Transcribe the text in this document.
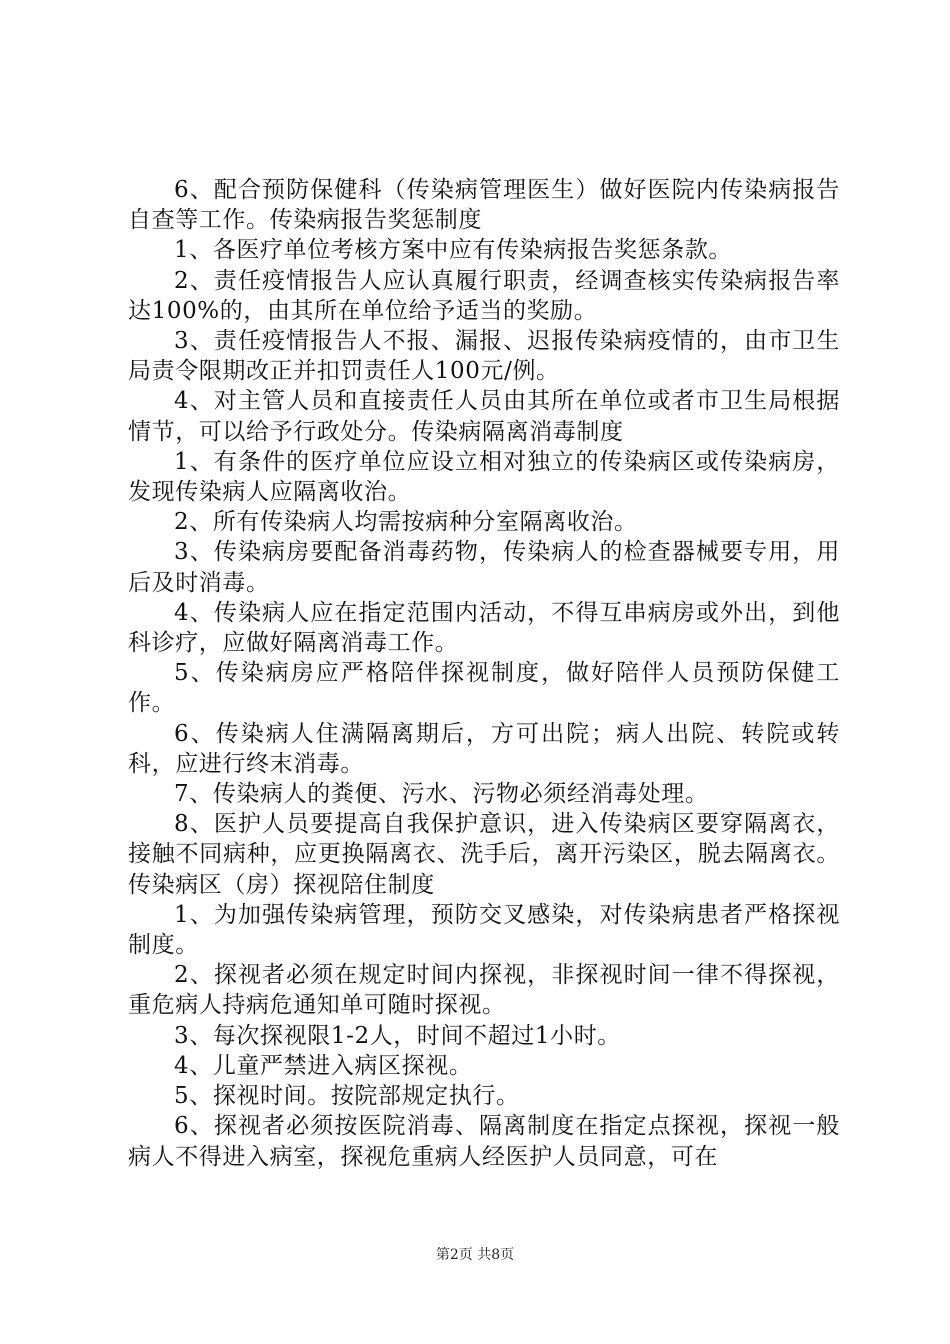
6、配合预防保健科（传染病管理医生）做好医院内传染病报告自查等工作。传染病报告奖惩制度

1、各医疗单位考核方案中应有传染病报告奖惩条款。

2、责任疫情报告人应认真履行职责，经调查核实传染病报告率达100%的，由其所在单位给予适当的奖励。

3、责任疫情报告人不报、漏报、迟报传染病疫情的，由市卫生局责令限期改正并扣罚责任人100元/例。

4、对主管人员和直接责任人员由其所在单位或者市卫生局根据情节，可以给予行政处分。传染病隔离消毒制度

1、有条件的医疗单位应设立相对独立的传染病区或传染病房，发现传染病人应隔离收治。

2、所有传染病人均需按病种分室隔离收治。

3、传染病房要配备消毒药物，传染病人的检查器械要专用，用后及时消毒。

4、传染病人应在指定范围内活动，不得互串病房或外出，到他科诊疗，应做好隔离消毒工作。

5、传染病房应严格陪伴探视制度，做好陪伴人员预防保健工作。

6、传染病人住满隔离期后，方可出院；病人出院、转院或转科，应进行终末消毒。

7、传染病人的粪便、污水、污物必须经消毒处理。

8、医护人员要提高自我保护意识，进入传染病区要穿隔离衣，接触不同病种，应更换隔离衣、洗手后，离开污染区，脱去隔离衣。传染病区（房）探视陪住制度

1、为加强传染病管理，预防交叉感染，对传染病患者严格探视制度。

2、探视者必须在规定时间内探视，非探视时间一律不得探视，重危病人持病危通知单可随时探视。

3、每次探视限1-2人，时间不超过1小时。

4、儿童严禁进入病区探视。

5、探视时间。按院部规定执行。

6、探视者必须按医院消毒、隔离制度在指定点探视，探视一般病人不得进入病室，探视危重病人经医护人员同意，可在

第2页 共8页
